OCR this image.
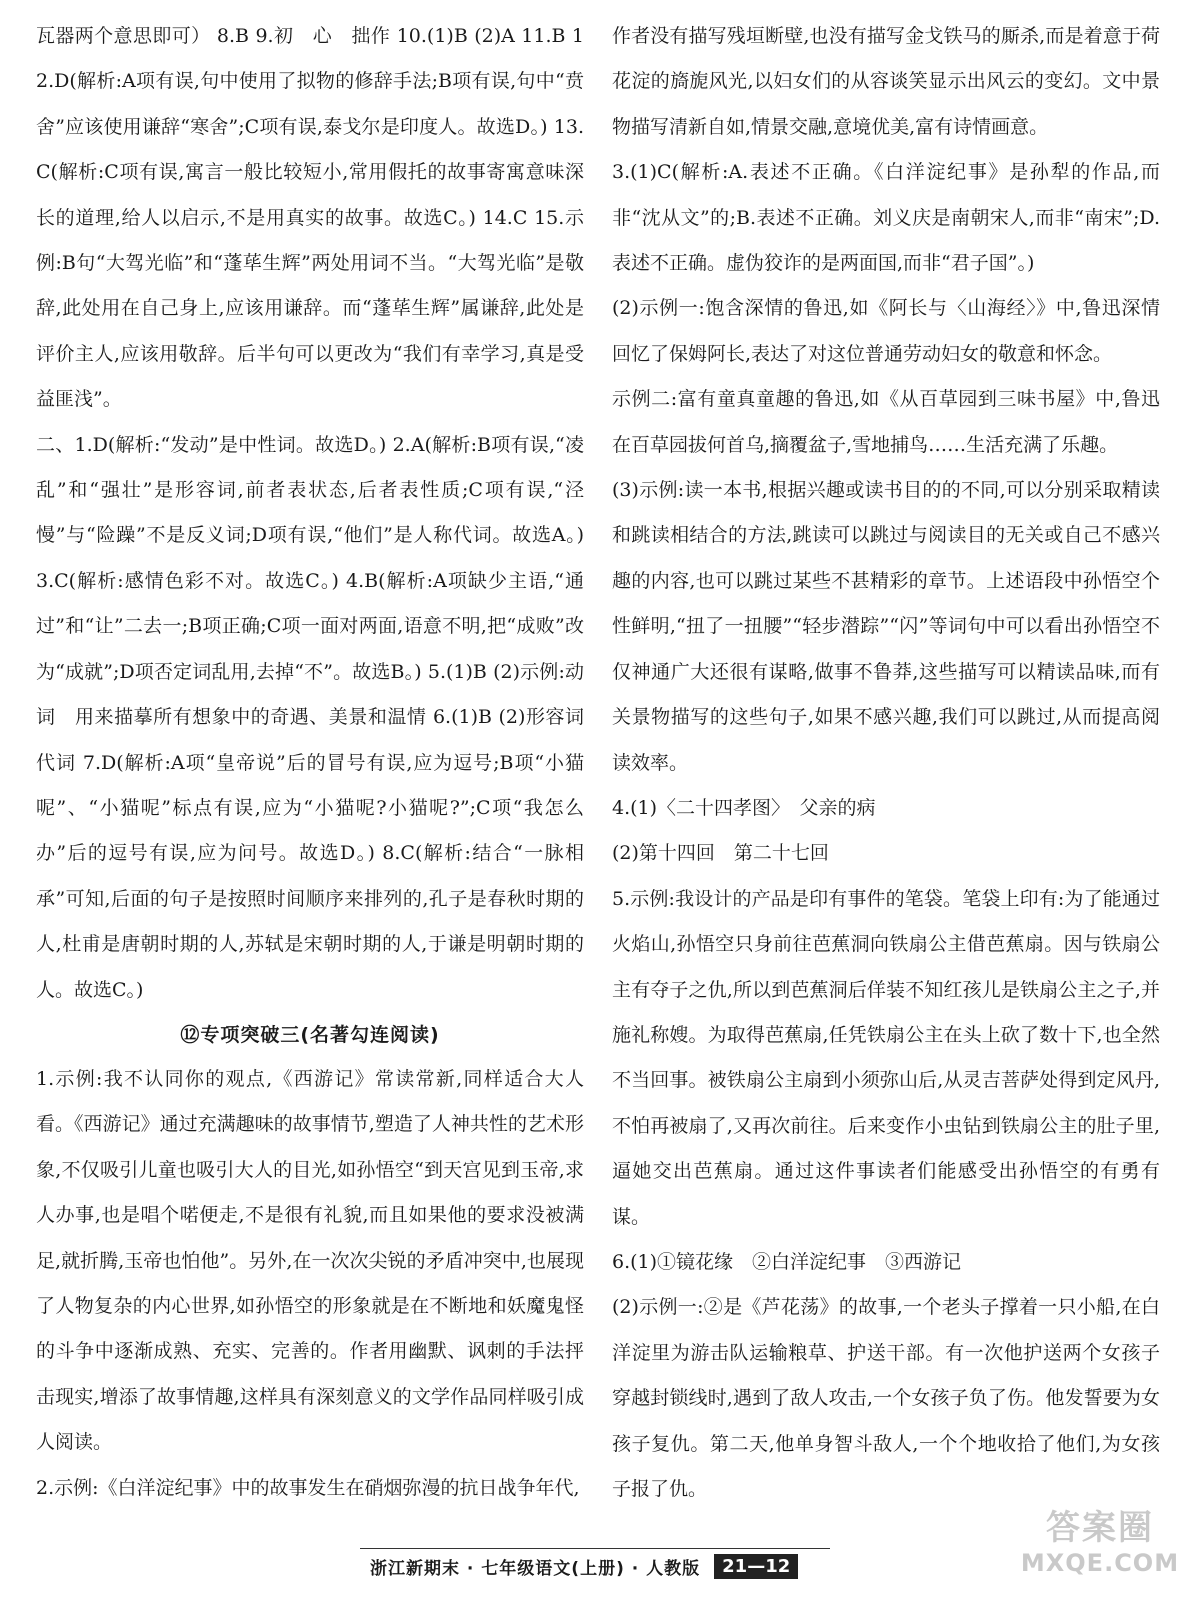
瓦器两个意思即可） 8.B 9.初　心　拙作 10.(1)B (2)A 11.B 12.D(解析:A项有误,句中使用了拟物的修辞手法;B项有误,句中“贲舍”应该使用谦辞“寒舍”;C项有误,泰戈尔是印度人。故选D。) 13.C(解析:C项有误,寓言一般比较短小,常用假托的故事寄寓意味深长的道理,给人以启示,不是用真实的故事。故选C。) 14.C 15.示例:B句“大驾光临”和“蓬荜生辉”两处用词不当。“大驾光临”是敬辞,此处用在自己身上,应该用谦辞。而“蓬荜生辉”属谦辞,此处是评价主人,应该用敬辞。后半句可以更改为“我们有幸学习,真是受益匪浅”。
二、1.D(解析:“发动”是中性词。故选D。) 2.A(解析:B项有误,“凌乱”和“强壮”是形容词,前者表状态,后者表性质;C项有误,“泾慢”与“险躁”不是反义词;D项有误,“他们”是人称代词。故选A。) 3.C(解析:感情色彩不对。故选C。) 4.B(解析:A项缺少主语,“通过”和“让”二去一;B项正确;C项一面对两面,语意不明,把“成败”改为“成就”;D项否定词乱用,去掉“不”。故选B。) 5.(1)B (2)示例:动词　用来描摹所有想象中的奇遇、美景和温情 6.(1)B (2)形容词　代词 7.D(解析:A项“皇帝说”后的冒号有误,应为逗号;B项“小猫呢”、“小猫呢”标点有误,应为“小猫呢?小猫呢?”;C项“我怎么办”后的逗号有误,应为问号。故选D。) 8.C(解析:结合“一脉相承”可知,后面的句子是按照时间顺序来排列的,孔子是春秋时期的人,杜甫是唐朝时期的人,苏轼是宋朝时期的人,于谦是明朝时期的人。故选C。)
⑫专项突破三(名著勾连阅读)
1.示例:我不认同你的观点,《西游记》常读常新,同样适合大人看。《西游记》通过充满趣味的故事情节,塑造了人神共性的艺术形象,不仅吸引儿童也吸引大人的目光,如孙悟空“到天宫见到玉帝,求人办事,也是唱个喏便走,不是很有礼貌,而且如果他的要求没被满足,就折腾,玉帝也怕他”。另外,在一次次尖锐的矛盾冲突中,也展现了人物复杂的内心世界,如孙悟空的形象就是在不断地和妖魔鬼怪的斗争中逐渐成熟、充实、完善的。作者用幽默、讽刺的手法抨击现实,增添了故事情趣,这样具有深刻意义的文学作品同样吸引成人阅读。
2.示例:《白洋淀纪事》中的故事发生在硝烟弥漫的抗日战争年代,
作者没有描写残垣断壁,也没有描写金戈铁马的厮杀,而是着意于荷花淀的旖旎风光,以妇女们的从容谈笑显示出风云的变幻。文中景物描写清新自如,情景交融,意境优美,富有诗情画意。
3.(1)C(解析:A.表述不正确。《白洋淀纪事》是孙犁的作品,而非“沈从文”的;B.表述不正确。刘义庆是南朝宋人,而非“南宋”;D.表述不正确。虚伪狡诈的是两面国,而非“君子国”。)
(2)示例一:饱含深情的鲁迅,如《阿长与〈山海经〉》中,鲁迅深情回忆了保姆阿长,表达了对这位普通劳动妇女的敬意和怀念。
示例二:富有童真童趣的鲁迅,如《从百草园到三味书屋》中,鲁迅在百草园拔何首乌,摘覆盆子,雪地捕鸟……生活充满了乐趣。
(3)示例:读一本书,根据兴趣或读书目的的不同,可以分别采取精读和跳读相结合的方法,跳读可以跳过与阅读目的无关或自己不感兴趣的内容,也可以跳过某些不甚精彩的章节。上述语段中孙悟空个性鲜明,“扭了一扭腰”“轻步潜踪”“闪”等词句中可以看出孙悟空不仅神通广大还很有谋略,做事不鲁莽,这些描写可以精读品味,而有关景物描写的这些句子,如果不感兴趣,我们可以跳过,从而提高阅读效率。
4.(1)〈二十四孝图〉　父亲的病
(2)第十四回　第二十七回
5.示例:我设计的产品是印有事件的笔袋。笔袋上印有:为了能通过火焰山,孙悟空只身前往芭蕉洞向铁扇公主借芭蕉扇。因与铁扇公主有夺子之仇,所以到芭蕉洞后佯装不知红孩儿是铁扇公主之子,并施礼称嫂。为取得芭蕉扇,任凭铁扇公主在头上砍了数十下,也全然不当回事。被铁扇公主扇到小须弥山后,从灵吉菩萨处得到定风丹,不怕再被扇了,又再次前往。后来变作小虫钻到铁扇公主的肚子里,逼她交出芭蕉扇。通过这件事读者们能感受出孙悟空的有勇有谋。
6.(1)①镜花缘　②白洋淀纪事　③西游记
(2)示例一:②是《芦花荡》的故事,一个老头子撑着一只小船,在白洋淀里为游击队运输粮草、护送干部。有一次他护送两个女孩子穿越封锁线时,遇到了敌人攻击,一个女孩子负了伤。他发誓要为女孩子复仇。第二天,他单身智斗敌人,一个个地收拾了他们,为女孩子报了仇。
浙江新期末 · 七年级语文(上册) · 人教版	21—12
答案圈
MXQE.COM
